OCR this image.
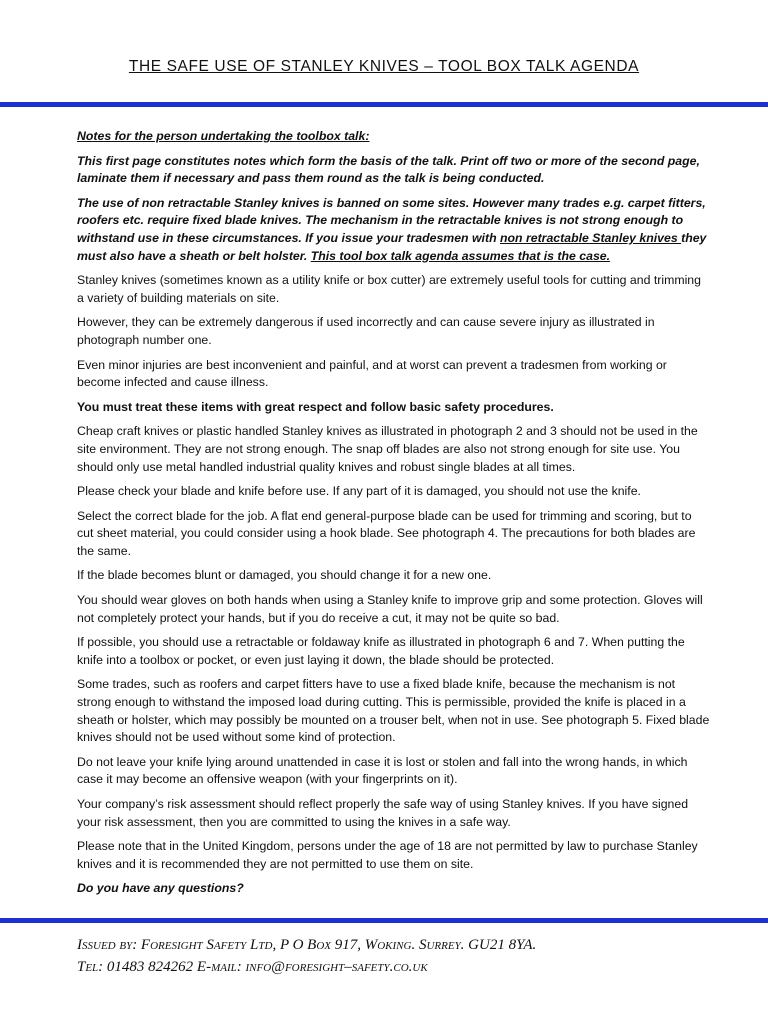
THE SAFE USE OF STANLEY KNIVES – TOOL BOX TALK AGENDA

Notes for the person undertaking the toolbox talk:

This first page constitutes notes which form the basis of the talk. Print off two or more of the second page, laminate them if necessary and pass them round as the talk is being conducted.

The use of non retractable Stanley knives is banned on some sites. However many trades e.g. carpet fitters, roofers etc. require fixed blade knives. The mechanism in the retractable knives is not strong enough to withstand use in these circumstances. If you issue your tradesmen with non retractable Stanley knives they must also have a sheath or belt holster. This tool box talk agenda assumes that is the case.

Stanley knives (sometimes known as a utility knife or box cutter) are extremely useful tools for cutting and trimming a variety of building materials on site.

However, they can be extremely dangerous if used incorrectly and can cause severe injury as illustrated in photograph number one.

Even minor injuries are best inconvenient and painful, and at worst can prevent a tradesmen from working or become infected and cause illness.

You must treat these items with great respect and follow basic safety procedures.

Cheap craft knives or plastic handled Stanley knives as illustrated in photograph 2 and 3 should not be used in the site environment. They are not strong enough. The snap off blades are also not strong enough for site use. You should only use metal handled industrial quality knives and robust single blades at all times.

Please check your blade and knife before use. If any part of it is damaged, you should not use the knife.

Select the correct blade for the job. A flat end general-purpose blade can be used for trimming and scoring, but to cut sheet material, you could consider using a hook blade. See photograph 4. The precautions for both blades are the same.

If the blade becomes blunt or damaged, you should change it for a new one.

You should wear gloves on both hands when using a Stanley knife to improve grip and some protection. Gloves will not completely protect your hands, but if you do receive a cut, it may not be quite so bad.

If possible, you should use a retractable or foldaway knife as illustrated in photograph 6 and 7. When putting the knife into a toolbox or pocket, or even just laying it down, the blade should be protected.

Some trades, such as roofers and carpet fitters have to use a fixed blade knife, because the mechanism is not strong enough to withstand the imposed load during cutting. This is permissible, provided the knife is placed in a sheath or holster, which may possibly be mounted on a trouser belt, when not in use. See photograph 5. Fixed blade knives should not be used without some kind of protection.

Do not leave your knife lying around unattended in case it is lost or stolen and fall into the wrong hands, in which case it may become an offensive weapon (with your fingerprints on it).

Your company’s risk assessment should reflect properly the safe way of using Stanley knives. If you have signed your risk assessment, then you are committed to using the knives in a safe way.

Please note that in the United Kingdom, persons under the age of 18 are not permitted by law to purchase Stanley knives and it is recommended they are not permitted to use them on site.

Do you have any questions?

Issued by: Foresight Safety Ltd, P O Box 917, Woking. Surrey. GU21 8YA.
Tel: 01483 824262 E-mail: info@foresight–safety.co.uk
